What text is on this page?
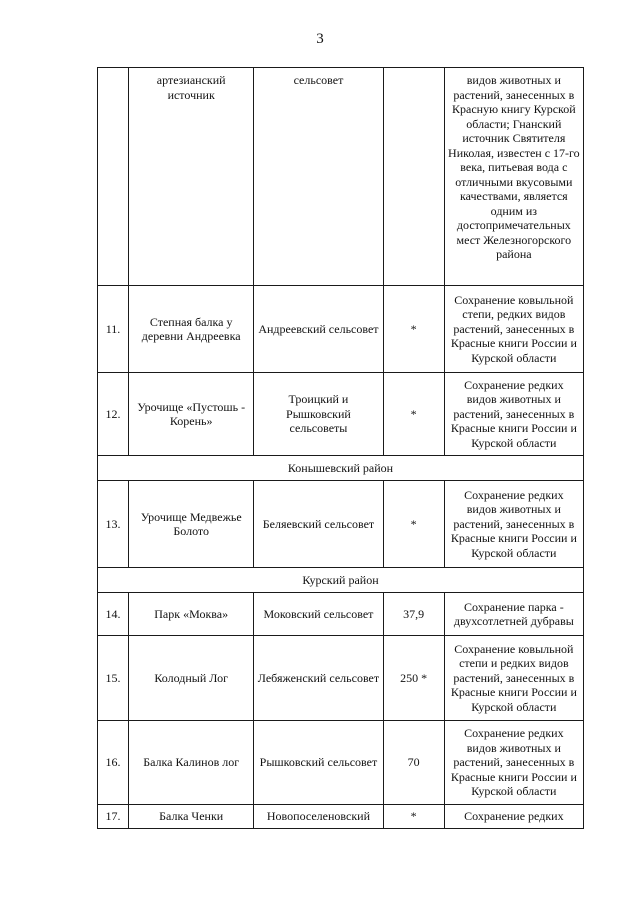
3
	артезианский источник	сельсовет		видов животных и растений, занесенных в Красную книгу Курской области; Гнанский источник Святителя Николая, известен с 17-го века, питьевая вода с отличными вкусовыми качествами, является одним из достопримечательных мест Железногорского района
11.	Степная балка у деревни Андреевка	Андреевский сельсовет	*	Сохранение ковыльной степи, редких видов растений, занесенных в Красные книги России и Курской области
12.	Урочище «Пустошь - Корень»	Троицкий и Рышковский сельсоветы	*	Сохранение редких видов животных и растений, занесенных в Красные книги России и Курской области
Конышевский район				
13.	Урочище Медвежье Болото	Беляевский сельсовет	*	Сохранение редких видов животных и растений, занесенных в Красные книги России и Курской области
Курский район				
14.	Парк «Моква»	Моковский сельсовет	37,9	Сохранение парка - двухсотлетней дубравы
15.	Колодный Лог	Лебяженский сельсовет	250 *	Сохранение ковыльной степи и редких видов растений, занесенных в Красные книги России и Курской области
16.	Балка Калинов лог	Рышковский сельсовет	70	Сохранение редких видов животных и растений, занесенных в Красные книги России и Курской области
17.	Балка Ченки	Новопоселеновский	*	Сохранение редких
